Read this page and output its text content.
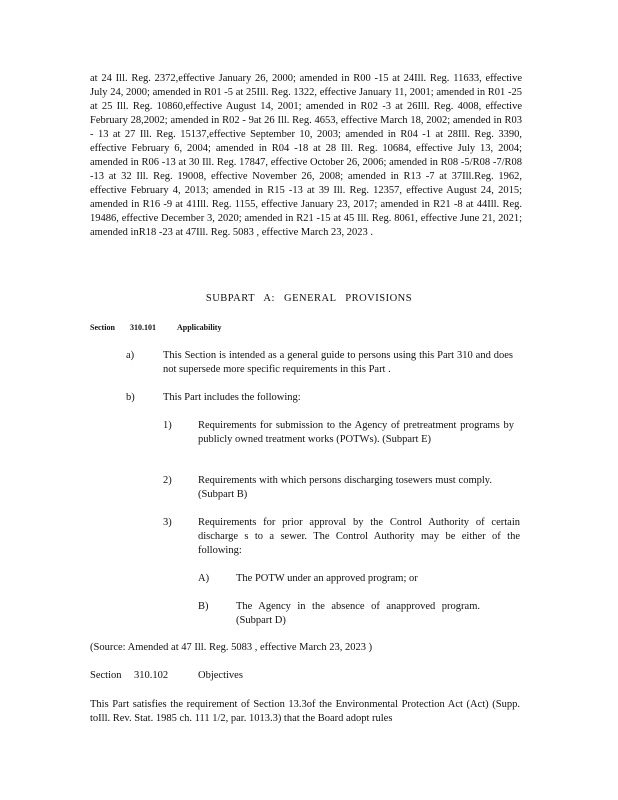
at 24 Ill. Reg. 2372,effective January 26, 2000; amended in R00 -15 at 24Ill. Reg. 11633, effective July 24, 2000; amended in R01 -5 at 25Ill. Reg. 1322, effective January 11, 2001; amended in R01 -25 at 25 Ill. Reg. 10860,effective August 14, 2001; amended in R02 -3 at 26Ill. Reg. 4008, effective February 28,2002; amended in R02 - 9at 26 Ill. Reg. 4653, effective March 18, 2002; amended in R03 - 13 at 27 Ill. Reg. 15137,effective September 10, 2003; amended in R04 -1 at 28Ill. Reg. 3390, effective February 6, 2004; amended in R04 -18 at 28 Ill. Reg. 10684, effective July 13, 2004; amended in R06 -13 at 30 Ill. Reg. 17847, effective October 26, 2006; amended in R08 -5/R08 -7/R08 -13 at 32 Ill. Reg. 19008, effective November 26, 2008; amended in R13 -7 at 37Ill.Reg. 1962, effective February 4, 2013; amended in R15 -13 at 39 Ill. Reg. 12357, effective August 24, 2015; amended in R16 -9 at 41Ill. Reg. 1155, effective January 23, 2017; amended in R21 -8 at 44Ill. Reg. 19486, effective December 3, 2020; amended in R21 -15 at 45 Ill. Reg. 8061, effective June 21, 2021; amended inR18 -23 at 47Ill. Reg. 5083 , effective March 23, 2023 .
SUBPART A: GENERAL PROVISIONS
Section 310.101	Applicability
a)	This Section is intended as a general guide to persons using this Part 310 and does not supersede more specific requirements in this Part .
b)	This Part includes the following:
1)	Requirements for submission to the Agency of pretreatment programs by publicly owned treatment works (POTWs). (Subpart E)
2)	Requirements with which persons discharging tosewers must comply. (Subpart B)
3)	Requirements for prior approval by the Control Authority of certain discharge s to a sewer. The Control Authority may be either of the following:
A)	The POTW under an approved program; or
B)	The Agency in the absence of anapproved program. (Subpart D)
(Source: Amended at 47 Ill. Reg. 5083 , effective March 23, 2023 )
Section 310.102	Objectives
This Part satisfies the requirement of Section 13.3of the Environmental Protection Act (Act) (Supp. toIll. Rev. Stat. 1985 ch. 111 1/2, par. 1013.3) that the Board adopt rules
